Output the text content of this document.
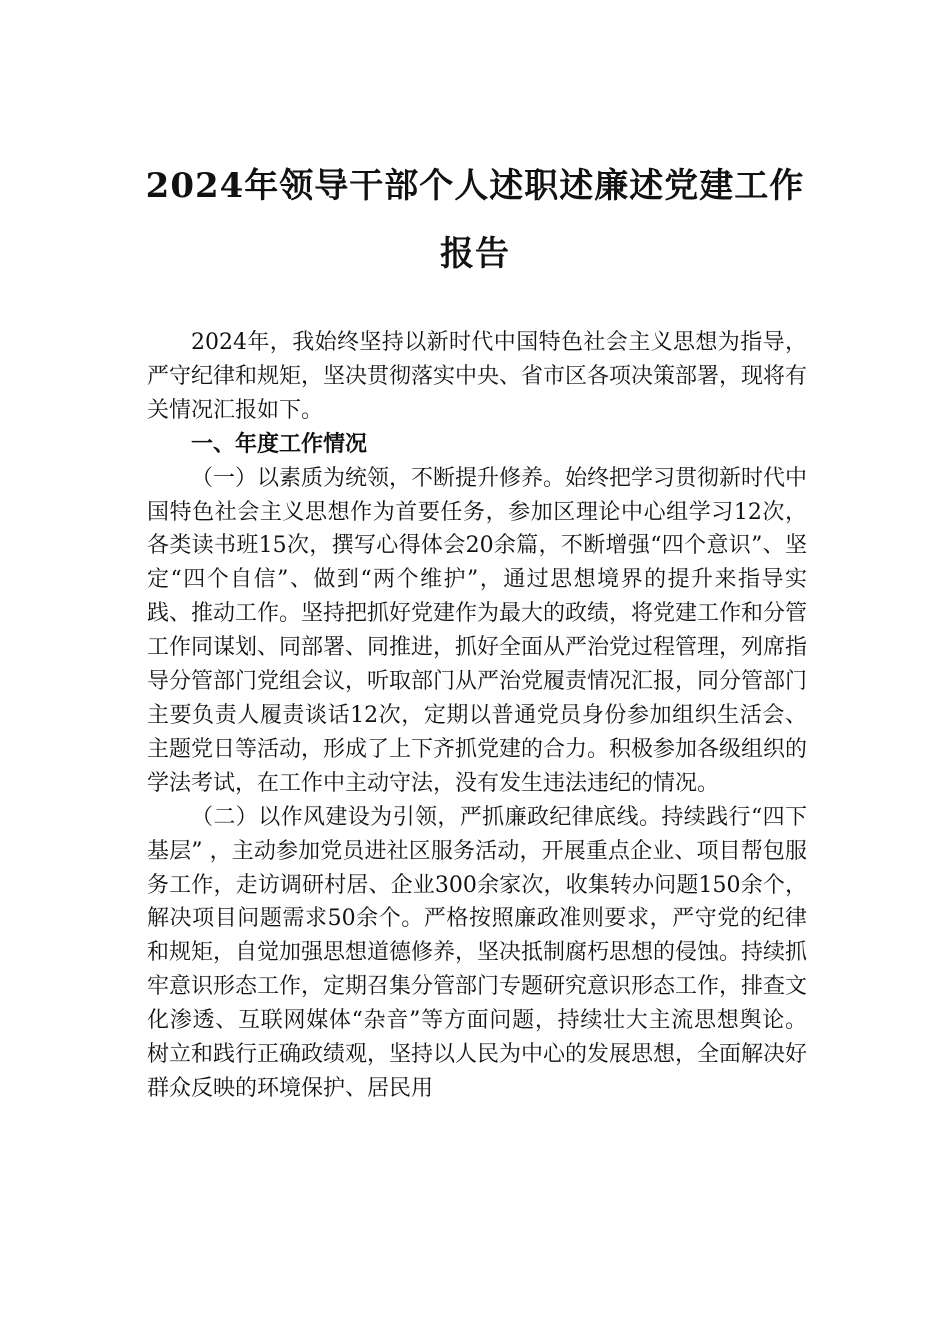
2024年领导干部个人述职述廉述党建工作
报告

2024年，我始终坚持以新时代中国特色社会主义思想为指导，严守纪律和规矩，坚决贯彻落实中央、省市区各项决策部署，现将有关情况汇报如下。

一、年度工作情况

（一）以素质为统领，不断提升修养。始终把学习贯彻新时代中国特色社会主义思想作为首要任务，参加区理论中心组学习12次，各类读书班15次，撰写心得体会20余篇，不断增强“四个意识”、坚定“四个自信”、做到“两个维护”，通过思想境界的提升来指导实践、推动工作。坚持把抓好党建作为最大的政绩，将党建工作和分管工作同谋划、同部署、同推进，抓好全面从严治党过程管理，列席指导分管部门党组会议，听取部门从严治党履责情况汇报，同分管部门主要负责人履责谈话12次，定期以普通党员身份参加组织生活会、主题党日等活动，形成了上下齐抓党建的合力。积极参加各级组织的学法考试，在工作中主动守法，没有发生违法违纪的情况。

（二）以作风建设为引领，严抓廉政纪律底线。持续践行“四下基层” ，主动参加党员进社区服务活动，开展重点企业、项目帮包服务工作，走访调研村居、企业300余家次，收集转办问题150余个，解决项目问题需求50余个。严格按照廉政准则要求，严守党的纪律和规矩，自觉加强思想道德修养，坚决抵制腐朽思想的侵蚀。持续抓牢意识形态工作，定期召集分管部门专题研究意识形态工作，排查文化渗透、互联网媒体“杂音”等方面问题，持续壮大主流思想舆论。树立和践行正确政绩观，坚持以人民为中心的发展思想，全面解决好群众反映的环境保护、居民用
